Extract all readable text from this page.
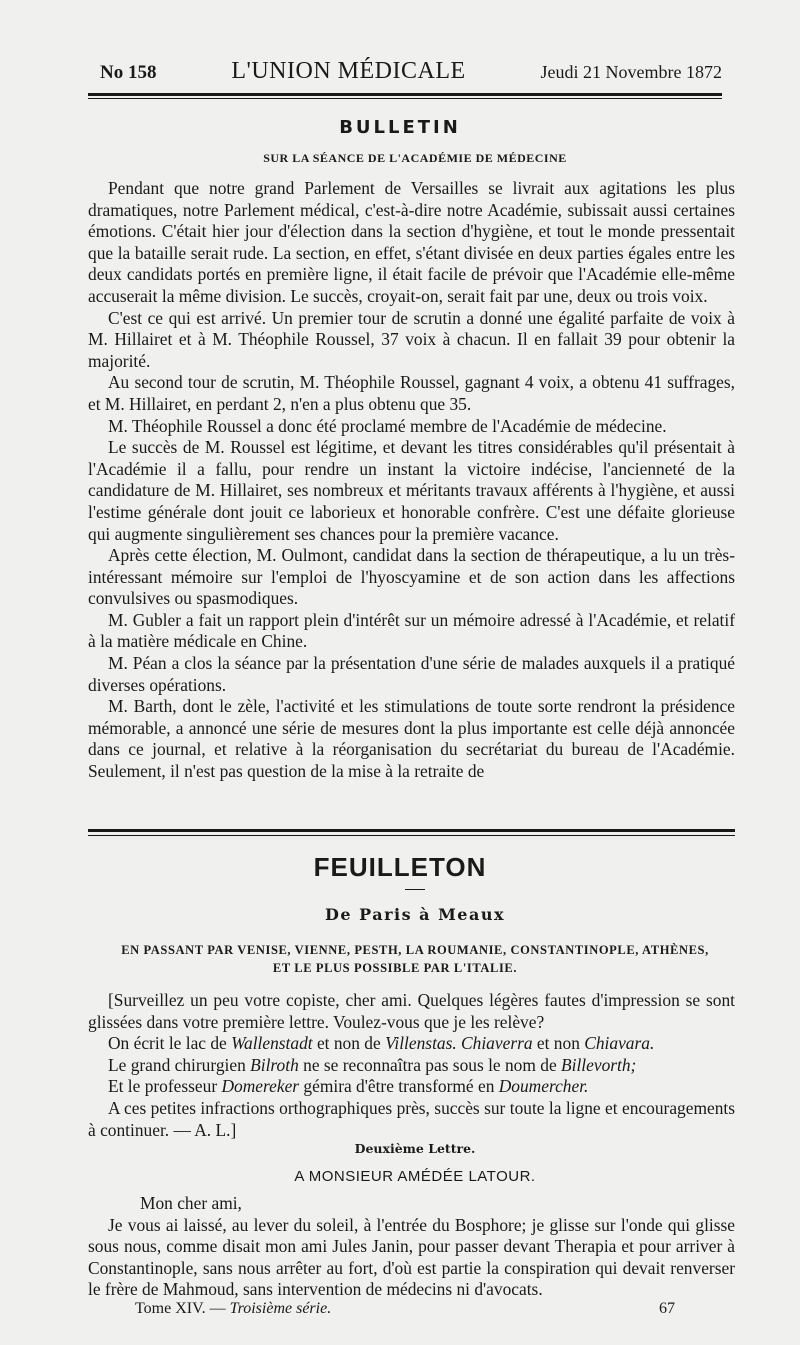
No 158	L'UNION MÉDICALE	Jeudi 21 Novembre 1872
BULLETIN
SUR LA SÉANCE DE L'ACADÉMIE DE MÉDECINE

Pendant que notre grand Parlement de Versailles se livrait aux agitations les plus dramatiques, notre Parlement médical, c'est-à-dire notre Académie, subissait aussi certaines émotions. C'était hier jour d'élection dans la section d'hygiène, et tout le monde pressentait que la bataille serait rude. La section, en effet, s'étant divisée en deux parties égales entre les deux candidats portés en première ligne, il était facile de prévoir que l'Académie elle-même accuserait la même division. Le succès, croyait-on, serait fait par une, deux ou trois voix.

C'est ce qui est arrivé. Un premier tour de scrutin a donné une égalité parfaite de voix à M. Hillairet et à M. Théophile Roussel, 37 voix à chacun. Il en fallait 39 pour obtenir la majorité.

Au second tour de scrutin, M. Théophile Roussel, gagnant 4 voix, a obtenu 41 suffrages, et M. Hillairet, en perdant 2, n'en a plus obtenu que 35.

M. Théophile Roussel a donc été proclamé membre de l'Académie de médecine.

Le succès de M. Roussel est légitime, et devant les titres considérables qu'il présentait à l'Académie il a fallu, pour rendre un instant la victoire indécise, l'ancienneté de la candidature de M. Hillairet, ses nombreux et méritants travaux afférents à l'hygiène, et aussi l'estime générale dont jouit ce laborieux et honorable confrère. C'est une défaite glorieuse qui augmente singulièrement ses chances pour la première vacance.

Après cette élection, M. Oulmont, candidat dans la section de thérapeutique, a lu un très-intéressant mémoire sur l'emploi de l'hyoscyamine et de son action dans les affections convulsives ou spasmodiques.

M. Gubler a fait un rapport plein d'intérêt sur un mémoire adressé à l'Académie, et relatif à la matière médicale en Chine.

M. Péan a clos la séance par la présentation d'une série de malades auxquels il a pratiqué diverses opérations.

M. Barth, dont le zèle, l'activité et les stimulations de toute sorte rendront la présidence mémorable, a annoncé une série de mesures dont la plus importante est celle déjà annoncée dans ce journal, et relative à la réorganisation du secrétariat du bureau de l'Académie. Seulement, il n'est pas question de la mise à la retraite de

FEUILLETON
De Paris à Meaux
EN PASSANT PAR VENISE, VIENNE, PESTH, LA ROUMANIE, CONSTANTINOPLE, ATHÈNES,
ET LE PLUS POSSIBLE PAR L'ITALIE.

[Surveillez un peu votre copiste, cher ami. Quelques légères fautes d'impression se sont glissées dans votre première lettre. Voulez-vous que je les relève?

On écrit le lac de Wallenstadt et non de Villenstas. Chiaverra et non Chiavara.

Le grand chirurgien Bilroth ne se reconnaîtra pas sous le nom de Billevorth;

Et le professeur Domereker gémira d'être transformé en Doumercher.

A ces petites infractions orthographiques près, succès sur toute la ligne et encouragements à continuer. — A. L.]

Deuxième Lettre.
A MONSIEUR AMÉDÉE LATOUR.

Mon cher ami,

Je vous ai laissé, au lever du soleil, à l'entrée du Bosphore; je glisse sur l'onde qui glisse sous nous, comme disait mon ami Jules Janin, pour passer devant Therapia et pour arriver à Constantinople, sans nous arrêter au fort, d'où est partie la conspiration qui devait renverser le frère de Mahmoud, sans intervention de médecins ni d'avocats.

Tome XIV. — Troisième série.	67
